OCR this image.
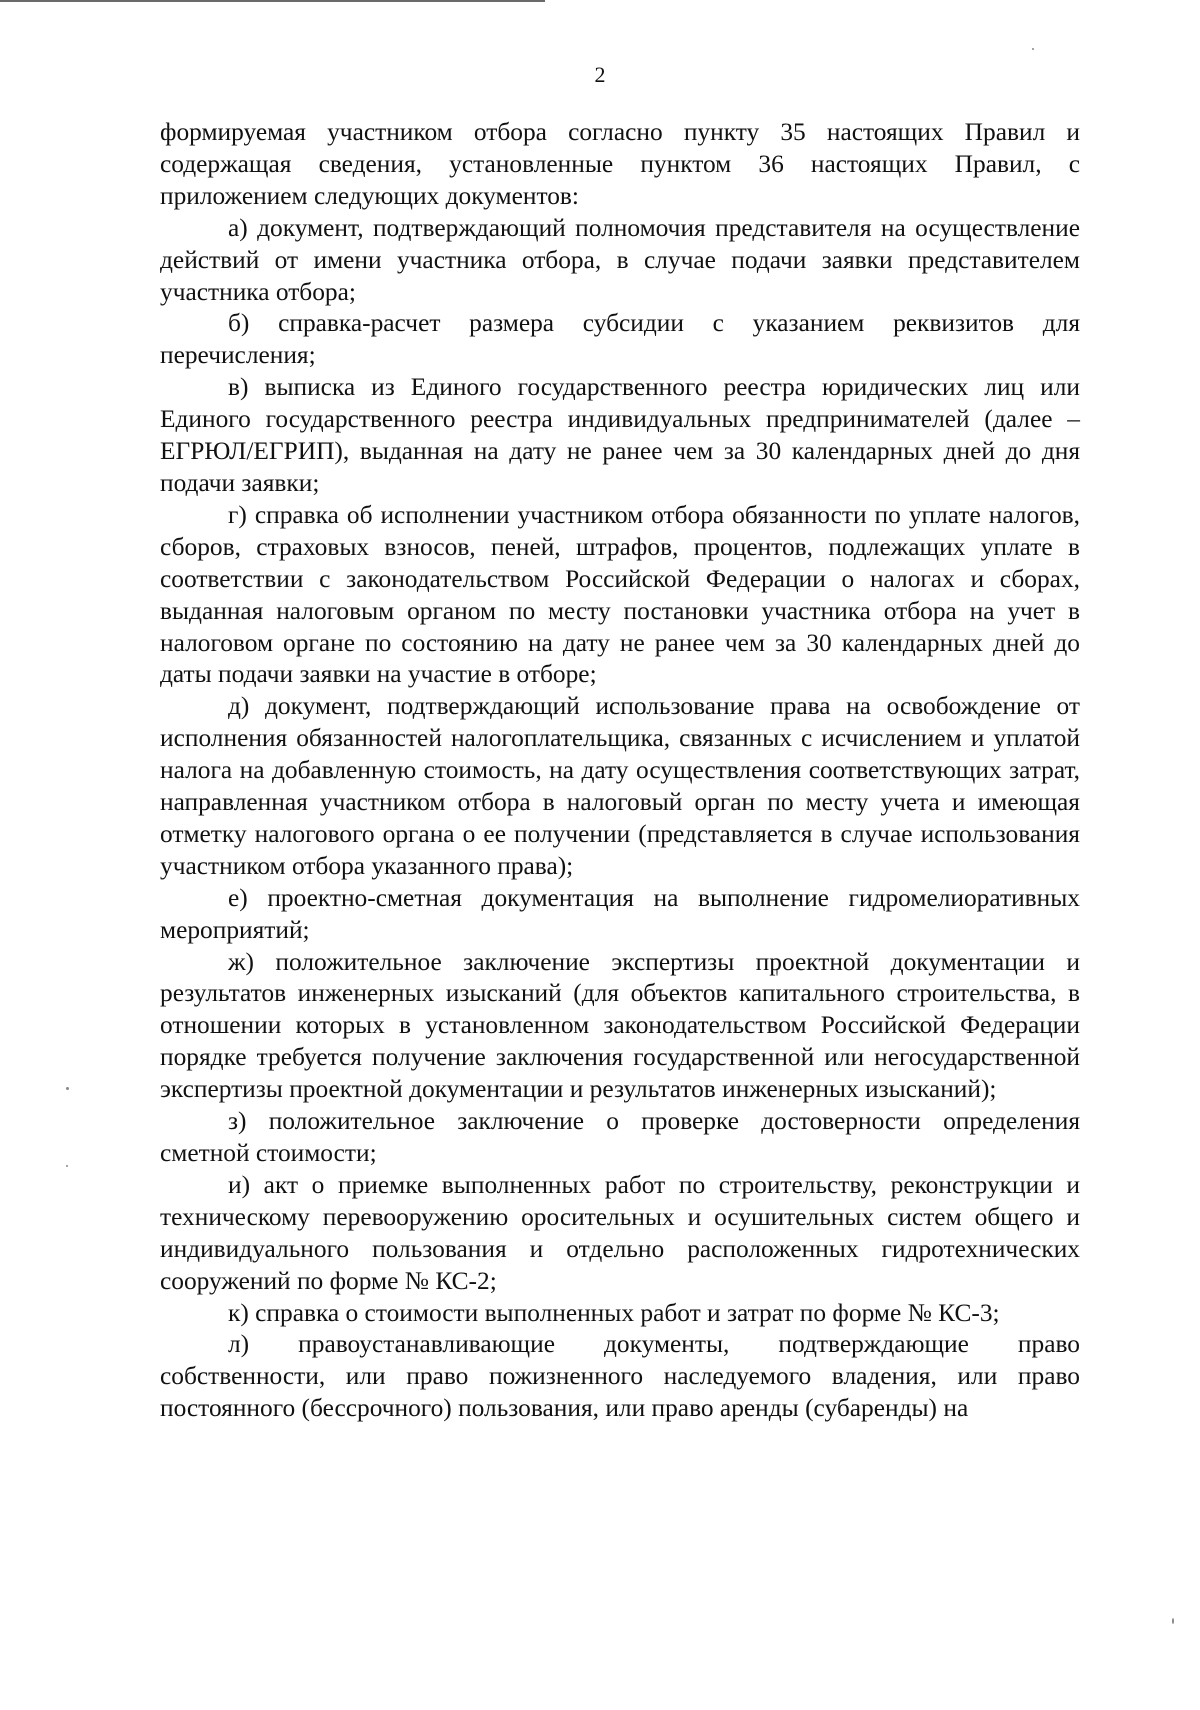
2

формируемая участником отбора согласно пункту 35 настоящих Правил и содержащая сведения, установленные пунктом 36 настоящих Правил, с приложением следующих документов:

а) документ, подтверждающий полномочия представителя на осуществление действий от имени участника отбора, в случае подачи заявки представителем участника отбора;

б) справка-расчет размера субсидии с указанием реквизитов для перечисления;

в) выписка из Единого государственного реестра юридических лиц или Единого государственного реестра индивидуальных предпринимателей (далее – ЕГРЮЛ/ЕГРИП), выданная на дату не ранее чем за 30 календарных дней до дня подачи заявки;

г) справка об исполнении участником отбора обязанности по уплате налогов, сборов, страховых взносов, пеней, штрафов, процентов, подлежащих уплате в соответствии с законодательством Российской Федерации о налогах и сборах, выданная налоговым органом по месту постановки участника отбора на учет в налоговом органе по состоянию на дату не ранее чем за 30 календарных дней до даты подачи заявки на участие в отборе;

д) документ, подтверждающий использование права на освобождение от исполнения обязанностей налогоплательщика, связанных с исчислением и уплатой налога на добавленную стоимость, на дату осуществления соответствующих затрат, направленная участником отбора в налоговый орган по месту учета и имеющая отметку налогового органа о ее получении (представляется в случае использования участником отбора указанного права);

е) проектно-сметная документация на выполнение гидромелиоративных мероприятий;

ж) положительное заключение экспертизы проектной документации и результатов инженерных изысканий (для объектов капитального строительства, в отношении которых в установленном законодательством Российской Федерации порядке требуется получение заключения государственной или негосударственной экспертизы проектной документации и результатов инженерных изысканий);

з) положительное заключение о проверке достоверности определения сметной стоимости;

и) акт о приемке выполненных работ по строительству, реконструкции и техническому перевооружению оросительных и осушительных систем общего и индивидуального пользования и отдельно расположенных гидротехнических сооружений по форме № КС-2;

к) справка о стоимости выполненных работ и затрат по форме № КС-3;

л) правоустанавливающие документы, подтверждающие право собственности, или право пожизненного наследуемого владения, или право постоянного (бессрочного) пользования, или право аренды (субаренды) на
